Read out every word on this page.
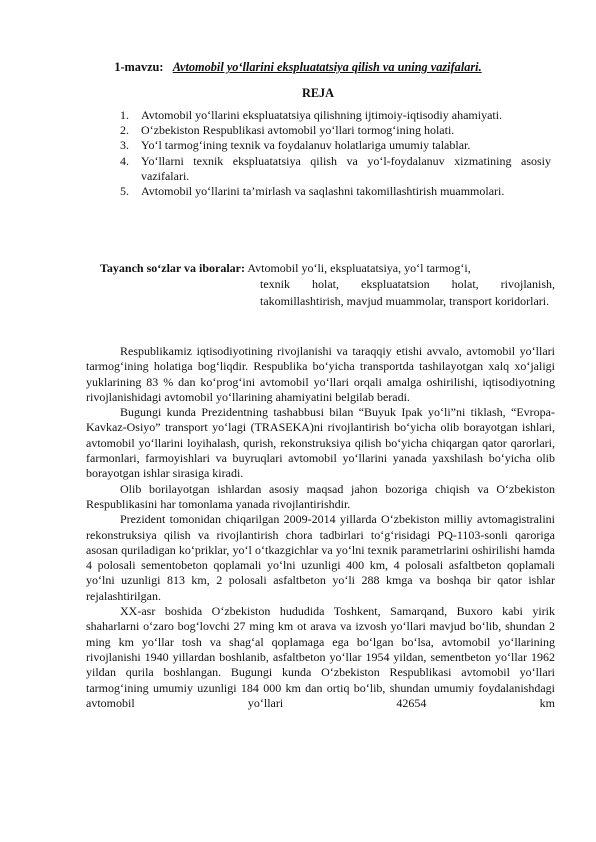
1-mavzu: Avtomobil yo‘llarini ekspluatatsiya qilish va uning vazifalari.
REJA
1. Avtomobil yo‘llarini ekspluatatsiya qilishning ijtimoiy-iqtisodiy ahamiyati.
2. O‘zbekiston Respublikasi avtomobil yo‘llari tormog‘ining holati.
3. Yo‘l tarmog‘ining texnik va foydalanuv holatlariga umumiy talablar.
4. Yo‘llarni texnik ekspluatatsiya qilish va yo‘l-foydalanuv xizmatining asosiy vazifalari.
5. Avtomobil yo‘llarini ta’mirlash va saqlashni takomillashtirish muammolari.
Tayanch so‘zlar va iboralar: Avtomobil yo‘li, ekspluatatsiya, yo‘l tarmog‘i,
texnik holat, ekspluatatsion holat, rivojlanish, takomillashtirish, mavjud muammolar, transport koridorlari.

Respublikamiz iqtisodiyotining rivojlanishi va taraqqiy etishi avvalo, avtomobil yo‘llari tarmog‘ining holatiga bog‘liqdir. Respublika bo‘yicha transportda tashilayotgan xalq xo‘jaligi yuklarining 83 % dan ko‘prog‘ini avtomobil yo‘llari orqali amalga oshirilishi, iqtisodiyotning rivojlanishidagi avtomobil yo‘llarining ahamiyatini belgilab beradi.

Bugungi kunda Prezidentning tashabbusi bilan “Buyuk Ipak yo‘li”ni tiklash, “Evropa-Kavkaz-Osiyo” transport yo‘lagi (TRASEKA)ni rivojlantirish bo‘yicha olib borayotgan ishlari, avtomobil yo‘llarini loyihalash, qurish, rekonstruksiya qilish bo‘yicha chiqargan qator qarorlari, farmonlari, farmoyishlari va buyruqlari avtomobil yo‘llarini yanada yaxshilash bo‘yicha olib borayotgan ishlar sirasiga kiradi.

Olib borilayotgan ishlardan asosiy maqsad jahon bozoriga chiqish va O‘zbekiston Respublikasini har tomonlama yanada rivojlantirishdir.

Prezident tomonidan chiqarilgan 2009-2014 yillarda O‘zbekiston milliy avtomagistralini rekonstruksiya qilish va rivojlantirish chora tadbirlari to‘g‘risidagi PQ-1103-sonli qaroriga asosan quriladigan ko‘priklar, yo‘l o‘tkazgichlar va yo‘lni texnik parametrlarini oshirilishi hamda 4 polosali sementobeton qoplamali yo‘lni uzunligi 400 km, 4 polosali asfaltbeton qoplamali yo‘lni uzunligi 813 km, 2 polosali asfaltbeton yo‘li 288 kmga va boshqa bir qator ishlar rejalashtirilgan.

XX-asr boshida O‘zbekiston hududida Toshkent, Samarqand, Buxoro kabi yirik shaharlarni o‘zaro bog‘lovchi 27 ming km ot arava va izvosh yo‘llari mavjud bo‘lib, shundan 2 ming km yo‘llar tosh va shag‘al qoplamaga ega bo‘lgan bo‘lsa, avtomobil yo‘llarining rivojlanishi 1940 yillardan boshlanib, asfaltbeton yo‘llar 1954 yildan, sementbeton yo‘llar 1962 yildan qurila boshlangan. Bugungi kunda O‘zbekiston Respublikasi avtomobil yo‘llari tarmog‘ining umumiy uzunligi 184 000 km dan ortiq bo‘lib, shundan umumiy foydalanishdagi avtomobil yo‘llari 42654 km
